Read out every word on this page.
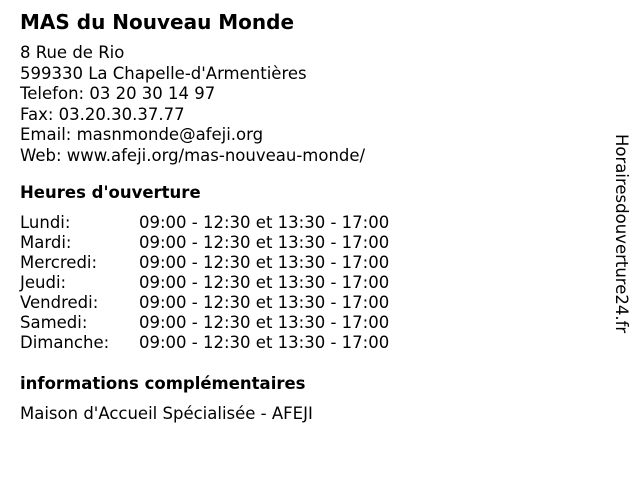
MAS du Nouveau Monde
8 Rue de Rio
599330 La Chapelle-d'Armentières
Telefon: 03 20 30 14 97
Fax: 03.20.30.37.77
Email: masnmonde@afeji.org
Web: www.afeji.org/mas-nouveau-monde/
Heures d'ouverture
Lundi:	09:00 - 12:30 et 13:30 - 17:00
Mardi:	09:00 - 12:30 et 13:30 - 17:00
Mercredi:	09:00 - 12:30 et 13:30 - 17:00
Jeudi:	09:00 - 12:30 et 13:30 - 17:00
Vendredi: 09:00 - 12:30 et 13:30 - 17:00
Samedi:	09:00 - 12:30 et 13:30 - 17:00
Dimanche: 09:00 - 12:30 et 13:30 - 17:00
informations complémentaires
Maison d'Accueil Spécialisée - AFEJI
Horairesdouverture24.fr
